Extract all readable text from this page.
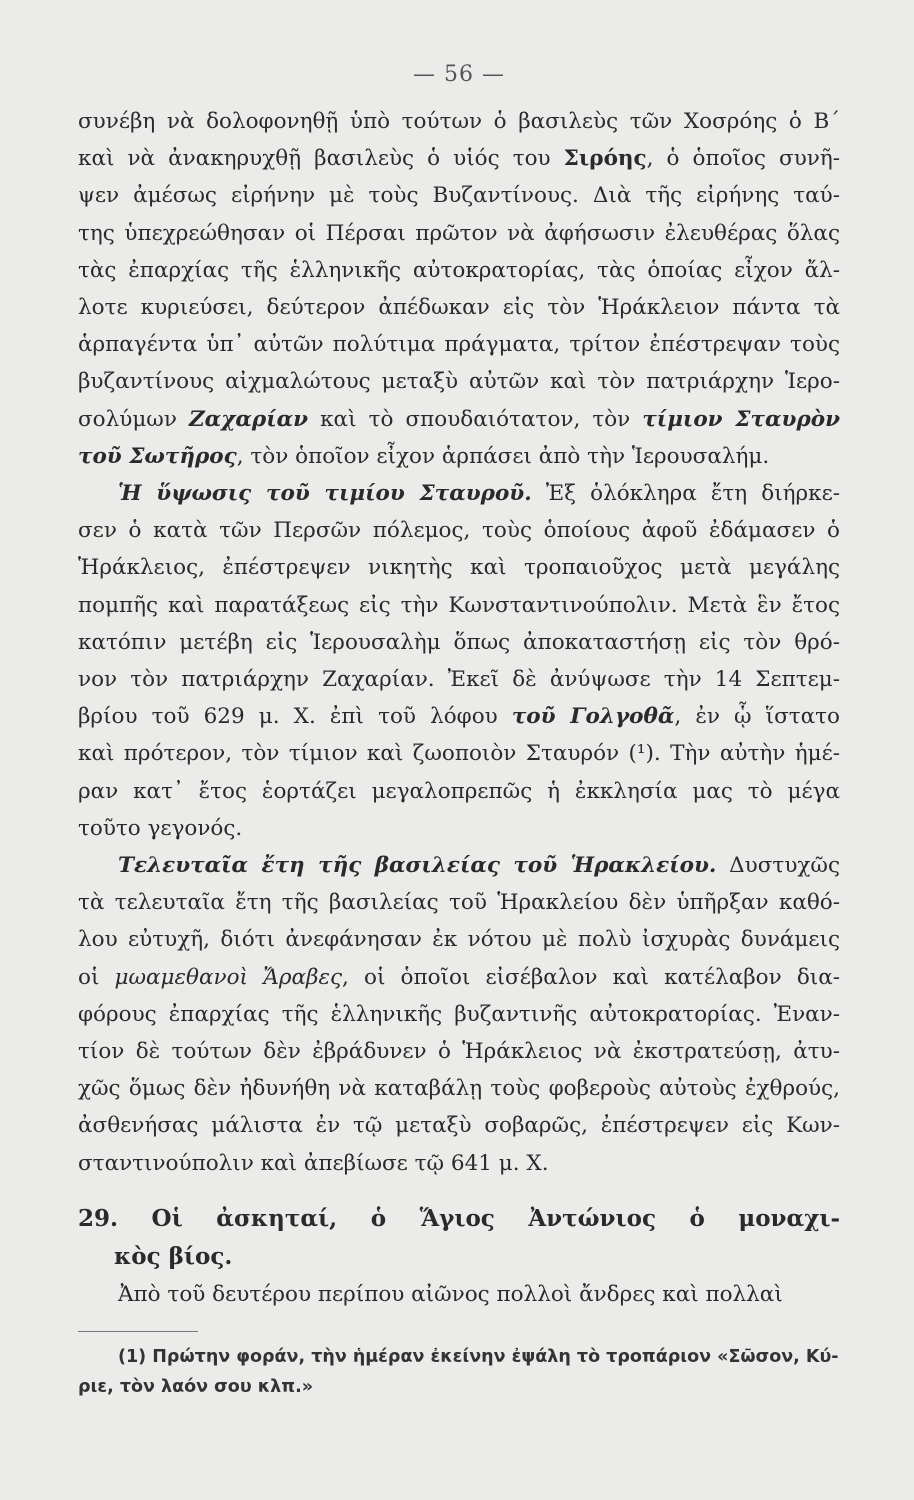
— 56 —
συνέβη νὰ δολοφονηθῇ ὑπὸ τούτων ὁ βασιλεὺς τῶν Χοσρόης ὁ Β΄
καὶ νὰ ἀνακηρυχθῇ βασιλεὺς ὁ υἱός του Σιρόης, ὁ ὁποῖος συνῆ-
ψεν ἀμέσως εἰρήνην μὲ τοὺς Βυζαντίνους. Διὰ τῆς εἰρήνης ταύ-
της ὑπεχρεώθησαν οἱ Πέρσαι πρῶτον νὰ ἀφήσωσιν ἐλευθέρας ὅλας
τὰς ἐπαρχίας τῆς ἑλληνικῆς αὐτοκρατορίας, τὰς ὁποίας εἶχον ἄλ-
λοτε κυριεύσει, δεύτερον ἀπέδωκαν εἰς τὸν Ἡράκλειον πάντα τὰ
ἁρπαγέντα ὑπ᾽ αὐτῶν πολύτιμα πράγματα, τρίτον ἐπέστρεψαν τοὺς
βυζαντίνους αἰχμαλώτους μεταξὺ αὐτῶν καὶ τὸν πατριάρχην Ἱερο-
σολύμων Ζαχαρίαν καὶ τὸ σπουδαιότατον, τὸν τίμιον Σταυρὸν
τοῦ Σωτῆρος, τὸν ὁποῖον εἶχον ἁρπάσει ἀπὸ τὴν Ἱερουσαλήμ.
Ἡ ὕψωσις τοῦ τιμίου Σταυροῦ. Ἐξ ὁλόκληρα ἔτη διήρκε-
σεν ὁ κατὰ τῶν Περσῶν πόλεμος, τοὺς ὁποίους ἀφοῦ ἐδάμασεν ὁ
Ἡράκλειος, ἐπέστρεψεν νικητὴς καὶ τροπαιοῦχος μετὰ μεγάλης
πομπῆς καὶ παρατάξεως εἰς τὴν Κωνσταντινούπολιν. Μετὰ ἓν ἔτος
κατόπιν μετέβη εἰς Ἱερουσαλὴμ ὅπως ἀποκαταστήσῃ εἰς τὸν θρό-
νον τὸν πατριάρχην Ζαχαρίαν. Ἐκεῖ δὲ ἀνύψωσε τὴν 14 Σεπτεμ-
βρίου τοῦ 629 μ. Χ. ἐπὶ τοῦ λόφου τοῦ Γολγοθᾶ, ἐν ᾧ ἵστατο
καὶ πρότερον, τὸν τίμιον καὶ ζωοποιὸν Σταυρόν (¹). Τὴν αὐτὴν ἡμέ-
ραν κατ᾽ ἔτος ἑορτάζει μεγαλοπρεπῶς ἡ ἐκκλησία μας τὸ μέγα
τοῦτο γεγονός.
Τελευταῖα ἔτη τῆς βασιλείας τοῦ Ἡρακλείου. Δυστυχῶς
τὰ τελευταῖα ἔτη τῆς βασιλείας τοῦ Ἡρακλείου δὲν ὑπῆρξαν καθό-
λου εὐτυχῆ, διότι ἀνεφάνησαν ἐκ νότου μὲ πολὺ ἰσχυρὰς δυνάμεις
οἱ μωαμεθανοὶ Ἄραβες, οἱ ὁποῖοι εἰσέβαλον καὶ κατέλαβον δια-
φόρους ἐπαρχίας τῆς ἑλληνικῆς βυζαντινῆς αὐτοκρατορίας. Ἐναν-
τίον δὲ τούτων δὲν ἐβράδυνεν ὁ Ἡράκλειος νὰ ἐκστρατεύσῃ, ἀτυ-
χῶς ὅμως δὲν ἠδυνήθη νὰ καταβάλῃ τοὺς φοβεροὺς αὐτοὺς ἐχθρούς,
ἀσθενήσας μάλιστα ἐν τῷ μεταξὺ σοβαρῶς, ἐπέστρεψεν εἰς Κων-
σταντινούπολιν καὶ ἀπεβίωσε τῷ 641 μ. Χ.
29. Οἱ ἀσκηταί, ὁ Ἅγιος Ἀντώνιος ὁ μοναχι-
κὸς βίος.
Ἀπὸ τοῦ δευτέρου περίπου αἰῶνος πολλοὶ ἄνδρες καὶ πολλαὶ
(1) Πρώτην φοράν, τὴν ἡμέραν ἐκείνην ἐψάλη τὸ τροπάριον «Σῶσον, Κύ-
ριε, τὸν λαόν σου κλπ.»
